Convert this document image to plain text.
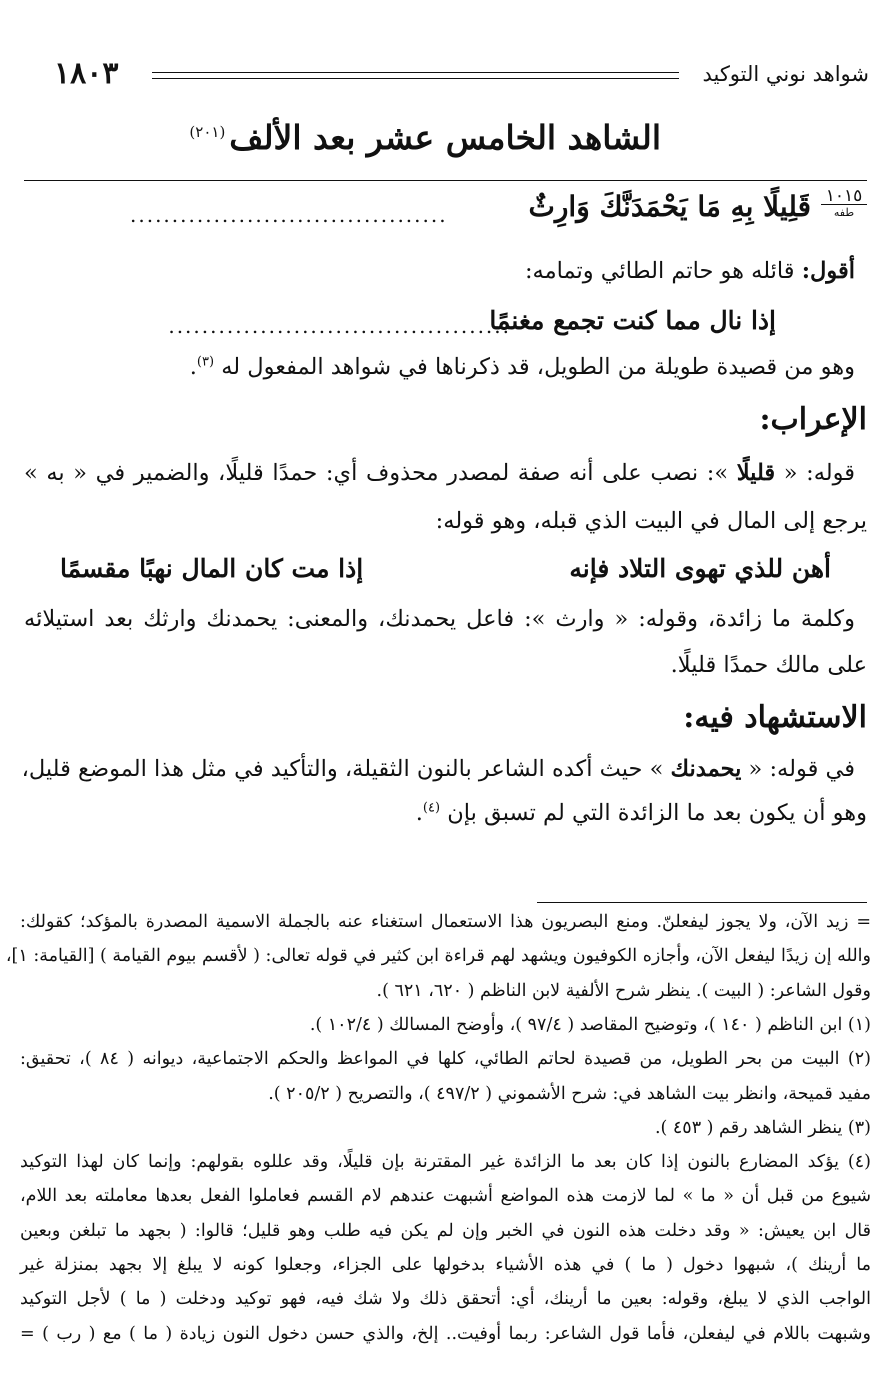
شواهد نوني التوكيد
١٨٠٣
الشاهد الخامس عشر بعد الألف$^{(٢٠١)}$
١٠١٥
طفه
قَلِيلًا بِهِ مَا يَحْمَدَنَّكَ وَارِثٌ
......................................
أقول: قائله هو حاتم الطائي وتمامه:
إذا نال مما كنت تجمع مغنمًا
.........................................
وهو من قصيدة طويلة من الطويل، قد ذكرناها في شواهد المفعول له $^{(٣)}$.
الإعراب:
قوله: « قليلًا »: نصب على أنه صفة لمصدر محذوف أي: حمدًا قليلًا، والضمير في « به »
يرجع إلى المال في البيت الذي قبله، وهو قوله:
أهن للذي تهوى التلاد فإنه
إذا مت كان المال نهبًا مقسمًا
وكلمة ما زائدة، وقوله: « وارث »: فاعل يحمدنك، والمعنى: يحمدنك وارثك بعد استيلائه
على مالك حمدًا قليلًا.
الاستشهاد فيه:
في قوله: « يحمدنك » حيث أكده الشاعر بالنون الثقيلة، والتأكيد في مثل هذا الموضع قليل،
وهو أن يكون بعد ما الزائدة التي لم تسبق بإن $^{(٤)}$.
= زيد الآن، ولا يجوز ليفعلنّ. ومنع البصريون هذا الاستعمال استغناء عنه بالجملة الاسمية المصدرة بالمؤكد؛ كقولك:
والله إن زيدًا ليفعل الآن، وأجازه الكوفيون ويشهد لهم قراءة ابن كثير في قوله تعالى: ( لأقسم بيوم القيامة ) [القيامة: ١]،
وقول الشاعر: ( البيت ). ينظر شرح الألفية لابن الناظم ( ٦٢٠، ٦٢١ ).
(١) ابن الناظم ( ١٤٠ )، وتوضيح المقاصد ( ٩٧/٤ )، وأوضح المسالك ( ١٠٢/٤ ).
(٢) البيت من بحر الطويل، من قصيدة لحاتم الطائي، كلها في المواعظ والحكم الاجتماعية، ديوانه ( ٨٤ )، تحقيق:
مفيد قميحة، وانظر بيت الشاهد في: شرح الأشموني ( ٤٩٧/٢ )، والتصريح ( ٢٠٥/٢ ).
(٣) ينظر الشاهد رقم ( ٤٥٣ ).
(٤) يؤكد المضارع بالنون إذا كان بعد ما الزائدة غير المقترنة بإن قليلًا، وقد عللوه بقولهم: وإنما كان لهذا التوكيد
شيوع من قبل أن « ما » لما لازمت هذه المواضع أشبهت عندهم لام القسم فعاملوا الفعل بعدها معاملته بعد اللام،
قال ابن يعيش: « وقد دخلت هذه النون في الخبر وإن لم يكن فيه طلب وهو قليل؛ قالوا: ( بجهد ما تبلغن وبعين
ما أرينك )، شبهوا دخول ( ما ) في هذه الأشياء بدخولها على الجزاء، وجعلوا كونه لا يبلغ إلا بجهد بمنزلة غير
الواجب الذي لا يبلغ، وقوله: بعين ما أرينك، أي: أتحقق ذلك ولا شك فيه، فهو توكيد ودخلت ( ما ) لأجل التوكيد
وشبهت باللام في ليفعلن، فأما قول الشاعر: ربما أوفيت.. إلخ، والذي حسن دخول النون زيادة ( ما ) مع ( رب ) =
